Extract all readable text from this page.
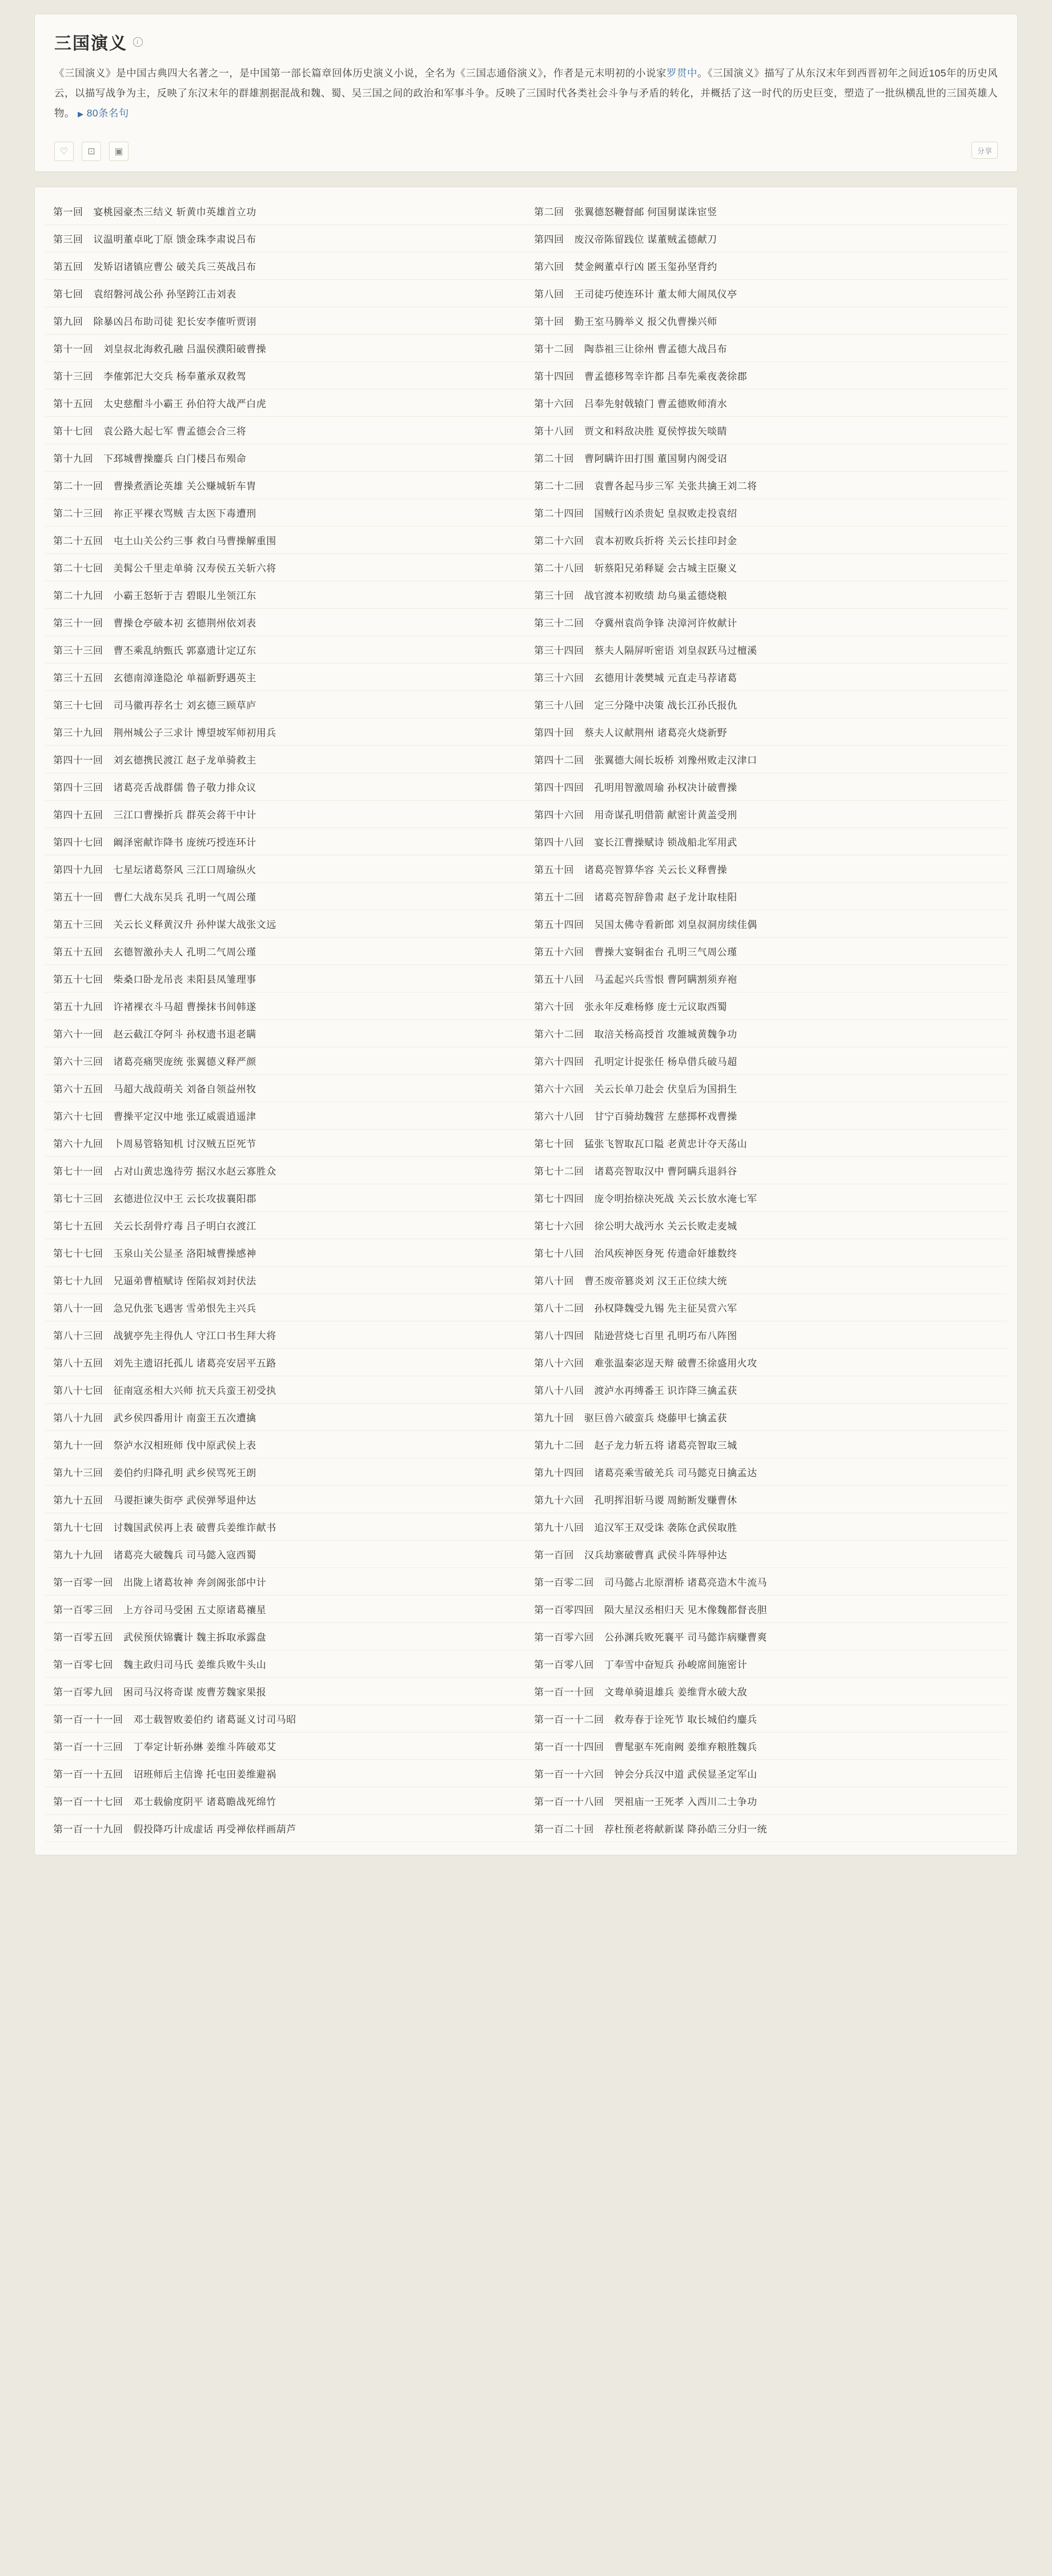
三国演义	i
《三国演义》是中国古典四大名著之一，是中国第一部长篇章回体历史演义小说，全名为《三国志通俗演义》，作者是元末明初的小说家罗贯中。《三国演义》描写了从东汉末年到西晋初年之间近105年的历史风云，以描写战争为主，反映了东汉末年的群雄割据混战和魏、蜀、吴三国之间的政治和军事斗争。反映了三国时代各类社会斗争与矛盾的转化，并概括了这一时代的历史巨变，塑造了一批纵横乱世的三国英雄人物。 ▶ 80条名句
♡	⊡	▣	分享
第一回 宴桃园豪杰三结义 斩黄巾英雄首立功	第二回 张翼德怒鞭督邮 何国舅谋诛宦竖
第三回 议温明董卓叱丁原 馈金珠李肃说吕布	第四回 废汉帝陈留践位 谋董贼孟德献刀
第五回 发矫诏诸镇应曹公 破关兵三英战吕布	第六回 焚金阙董卓行凶 匿玉玺孙坚背约
第七回 袁绍磐河战公孙 孙坚跨江击刘表	第八回 王司徒巧使连环计 董太师大闹凤仪亭
第九回 除暴凶吕布助司徒 犯长安李傕听贾诩	第十回 勤王室马腾举义 报父仇曹操兴师
第十一回 刘皇叔北海救孔融 吕温侯濮阳破曹操	第十二回 陶恭祖三让徐州 曹孟德大战吕布
第十三回 李傕郭汜大交兵 杨奉董承双救驾	第十四回 曹孟德移驾幸许都 吕奉先乘夜袭徐郡
第十五回 太史慈酣斗小霸王 孙伯符大战严白虎	第十六回 吕奉先射戟辕门 曹孟德败师淯水
第十七回 袁公路大起七军 曹孟德会合三将	第十八回 贾文和料敌决胜 夏侯惇拔矢啖睛
第十九回 下邳城曹操鏖兵 白门楼吕布殒命	第二十回 曹阿瞒许田打围 董国舅内阁受诏
第二十一回 曹操煮酒论英雄 关公赚城斩车胄	第二十二回 袁曹各起马步三军 关张共擒王刘二将
第二十三回 祢正平裸衣骂贼 吉太医下毒遭刑	第二十四回 国贼行凶杀贵妃 皇叔败走投袁绍
第二十五回 屯土山关公约三事 救白马曹操解重围	第二十六回 袁本初败兵折将 关云长挂印封金
第二十七回 美髯公千里走单骑 汉寿侯五关斩六将	第二十八回 斩蔡阳兄弟释疑 会古城主臣聚义
第二十九回 小霸王怒斩于吉 碧眼儿坐领江东	第三十回 战官渡本初败绩 劫乌巢孟德烧粮
第三十一回 曹操仓亭破本初 玄德荆州依刘表	第三十二回 夺冀州袁尚争锋 决漳河许攸献计
第三十三回 曹丕乘乱纳甄氏 郭嘉遗计定辽东	第三十四回 蔡夫人隔屏听密语 刘皇叔跃马过檀溪
第三十五回 玄德南漳逢隐沦 单福新野遇英主	第三十六回 玄德用计袭樊城 元直走马荐诸葛
第三十七回 司马徽再荐名士 刘玄德三顾草庐	第三十八回 定三分隆中决策 战长江孙氏报仇
第三十九回 荆州城公子三求计 博望坡军师初用兵	第四十回 蔡夫人议献荆州 诸葛亮火烧新野
第四十一回 刘玄德携民渡江 赵子龙单骑救主	第四十二回 张翼德大闹长坂桥 刘豫州败走汉津口
第四十三回 诸葛亮舌战群儒 鲁子敬力排众议	第四十四回 孔明用智激周瑜 孙权决计破曹操
第四十五回 三江口曹操折兵 群英会蒋干中计	第四十六回 用奇谋孔明借箭 献密计黄盖受刑
第四十七回 阚泽密献诈降书 庞统巧授连环计	第四十八回 宴长江曹操赋诗 锁战船北军用武
第四十九回 七星坛诸葛祭风 三江口周瑜纵火	第五十回 诸葛亮智算华容 关云长义释曹操
第五十一回 曹仁大战东吴兵 孔明一气周公瑾	第五十二回 诸葛亮智辞鲁肃 赵子龙计取桂阳
第五十三回 关云长义释黄汉升 孙仲谋大战张文远	第五十四回 吴国太佛寺看新郎 刘皇叔洞房续佳偶
第五十五回 玄德智激孙夫人 孔明二气周公瑾	第五十六回 曹操大宴铜雀台 孔明三气周公瑾
第五十七回 柴桑口卧龙吊丧 耒阳县凤雏理事	第五十八回 马孟起兴兵雪恨 曹阿瞒割须弃袍
第五十九回 许褚裸衣斗马超 曹操抹书间韩遂	第六十回 张永年反难杨修 庞士元议取西蜀
第六十一回 赵云截江夺阿斗 孙权遗书退老瞒	第六十二回 取涪关杨高授首 攻雒城黄魏争功
第六十三回 诸葛亮痛哭庞统 张翼德义释严颜	第六十四回 孔明定计捉张任 杨阜借兵破马超
第六十五回 马超大战葭萌关 刘备自领益州牧	第六十六回 关云长单刀赴会 伏皇后为国捐生
第六十七回 曹操平定汉中地 张辽威震逍遥津	第六十八回 甘宁百骑劫魏营 左慈掷杯戏曹操
第六十九回 卜周易管辂知机 讨汉贼五臣死节	第七十回 猛张飞智取瓦口隘 老黄忠计夺天荡山
第七十一回 占对山黄忠逸待劳 据汉水赵云寡胜众	第七十二回 诸葛亮智取汉中 曹阿瞒兵退斜谷
第七十三回 玄德进位汉中王 云长攻拔襄阳郡	第七十四回 庞令明抬榇决死战 关云长放水淹七军
第七十五回 关云长刮骨疗毒 吕子明白衣渡江	第七十六回 徐公明大战沔水 关云长败走麦城
第七十七回 玉泉山关公显圣 洛阳城曹操感神	第七十八回 治风疾神医身死 传遗命奸雄数终
第七十九回 兄逼弟曹植赋诗 侄陷叔刘封伏法	第八十回 曹丕废帝篡炎刘 汉王正位续大统
第八十一回 急兄仇张飞遇害 雪弟恨先主兴兵	第八十二回 孙权降魏受九锡 先主征吴赏六军
第八十三回 战猇亭先主得仇人 守江口书生拜大将	第八十四回 陆逊营烧七百里 孔明巧布八阵图
第八十五回 刘先主遗诏托孤儿 诸葛亮安居平五路	第八十六回 难张温秦宓逞天辩 破曹丕徐盛用火攻
第八十七回 征南寇丞相大兴师 抗天兵蛮王初受执	第八十八回 渡泸水再缚番王 识诈降三擒孟获
第八十九回 武乡侯四番用计 南蛮王五次遭擒	第九十回 驱巨兽六破蛮兵 烧藤甲七擒孟获
第九十一回 祭泸水汉相班师 伐中原武侯上表	第九十二回 赵子龙力斩五将 诸葛亮智取三城
第九十三回 姜伯约归降孔明 武乡侯骂死王朗	第九十四回 诸葛亮乘雪破羌兵 司马懿克日擒孟达
第九十五回 马谡拒谏失街亭 武侯弹琴退仲达	第九十六回 孔明挥泪斩马谡 周鲂断发赚曹休
第九十七回 讨魏国武侯再上表 破曹兵姜维诈献书	第九十八回 追汉军王双受诛 袭陈仓武侯取胜
第九十九回 诸葛亮大破魏兵 司马懿入寇西蜀	第一百回 汉兵劫寨破曹真 武侯斗阵辱仲达
第一百零一回 出陇上诸葛妆神 奔剑阁张郃中计	第一百零二回 司马懿占北原渭桥 诸葛亮造木牛流马
第一百零三回 上方谷司马受困 五丈原诸葛禳星	第一百零四回 陨大星汉丞相归天 见木像魏都督丧胆
第一百零五回 武侯预伏锦囊计 魏主拆取承露盘	第一百零六回 公孙渊兵败死襄平 司马懿诈病赚曹爽
第一百零七回 魏主政归司马氏 姜维兵败牛头山	第一百零八回 丁奉雪中奋短兵 孙峻席间施密计
第一百零九回 困司马汉将奇谋 废曹芳魏家果报	第一百一十回 文鸯单骑退雄兵 姜维背水破大敌
第一百一十一回 邓士载智败姜伯约 诸葛诞义讨司马昭	第一百一十二回 救寿春于诠死节 取长城伯约鏖兵
第一百一十三回 丁奉定计斩孙綝 姜维斗阵破邓艾	第一百一十四回 曹髦驱车死南阙 姜维弃粮胜魏兵
第一百一十五回 诏班师后主信谗 托屯田姜维避祸	第一百一十六回 钟会分兵汉中道 武侯显圣定军山
第一百一十七回 邓士载偷度阴平 诸葛瞻战死绵竹	第一百一十八回 哭祖庙一王死孝 入西川二士争功
第一百一十九回 假投降巧计成虚话 再受禅依样画葫芦	第一百二十回 荐杜预老将献新谋 降孙皓三分归一统
